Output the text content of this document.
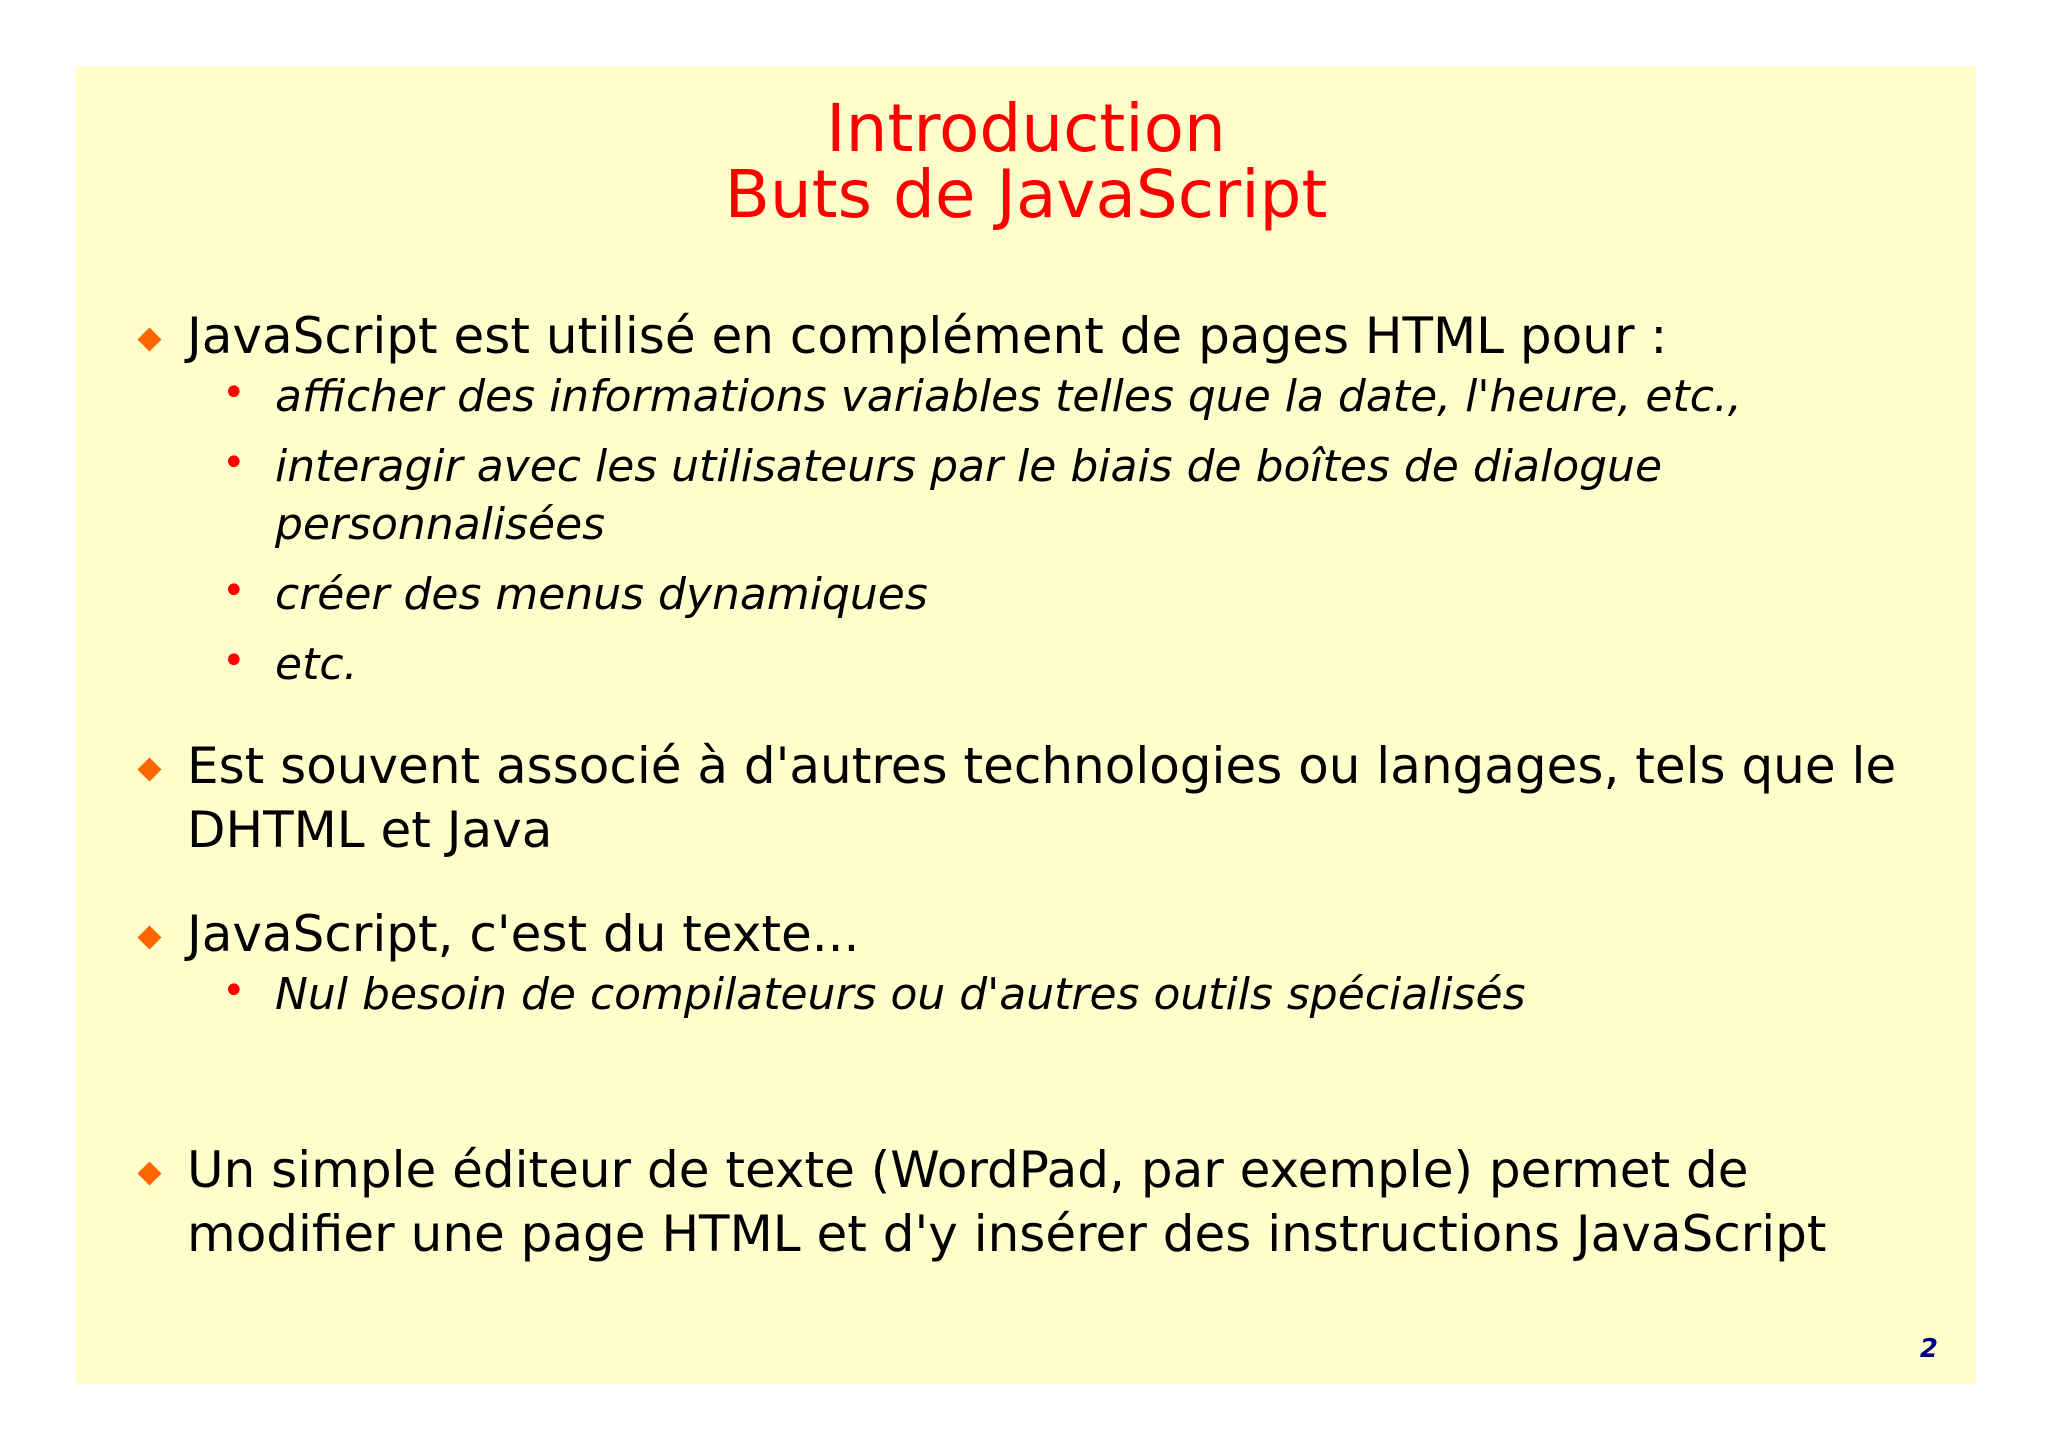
Introduction
Buts de JavaScript
JavaScript est utilisé en complément de pages HTML pour :
• afficher des informations variables telles que la date, l'heure, etc.,
• interagir avec les utilisateurs par le biais de boîtes de dialogue personnalisées
• créer des menus dynamiques
• etc.
Est souvent associé à d'autres technologies ou langages, tels que le DHTML et Java
JavaScript, c'est du texte...
• Nul besoin de compilateurs ou d'autres outils spécialisés
Un simple éditeur de texte (WordPad, par exemple) permet de modifier une page HTML et d'y insérer des instructions JavaScript
2
